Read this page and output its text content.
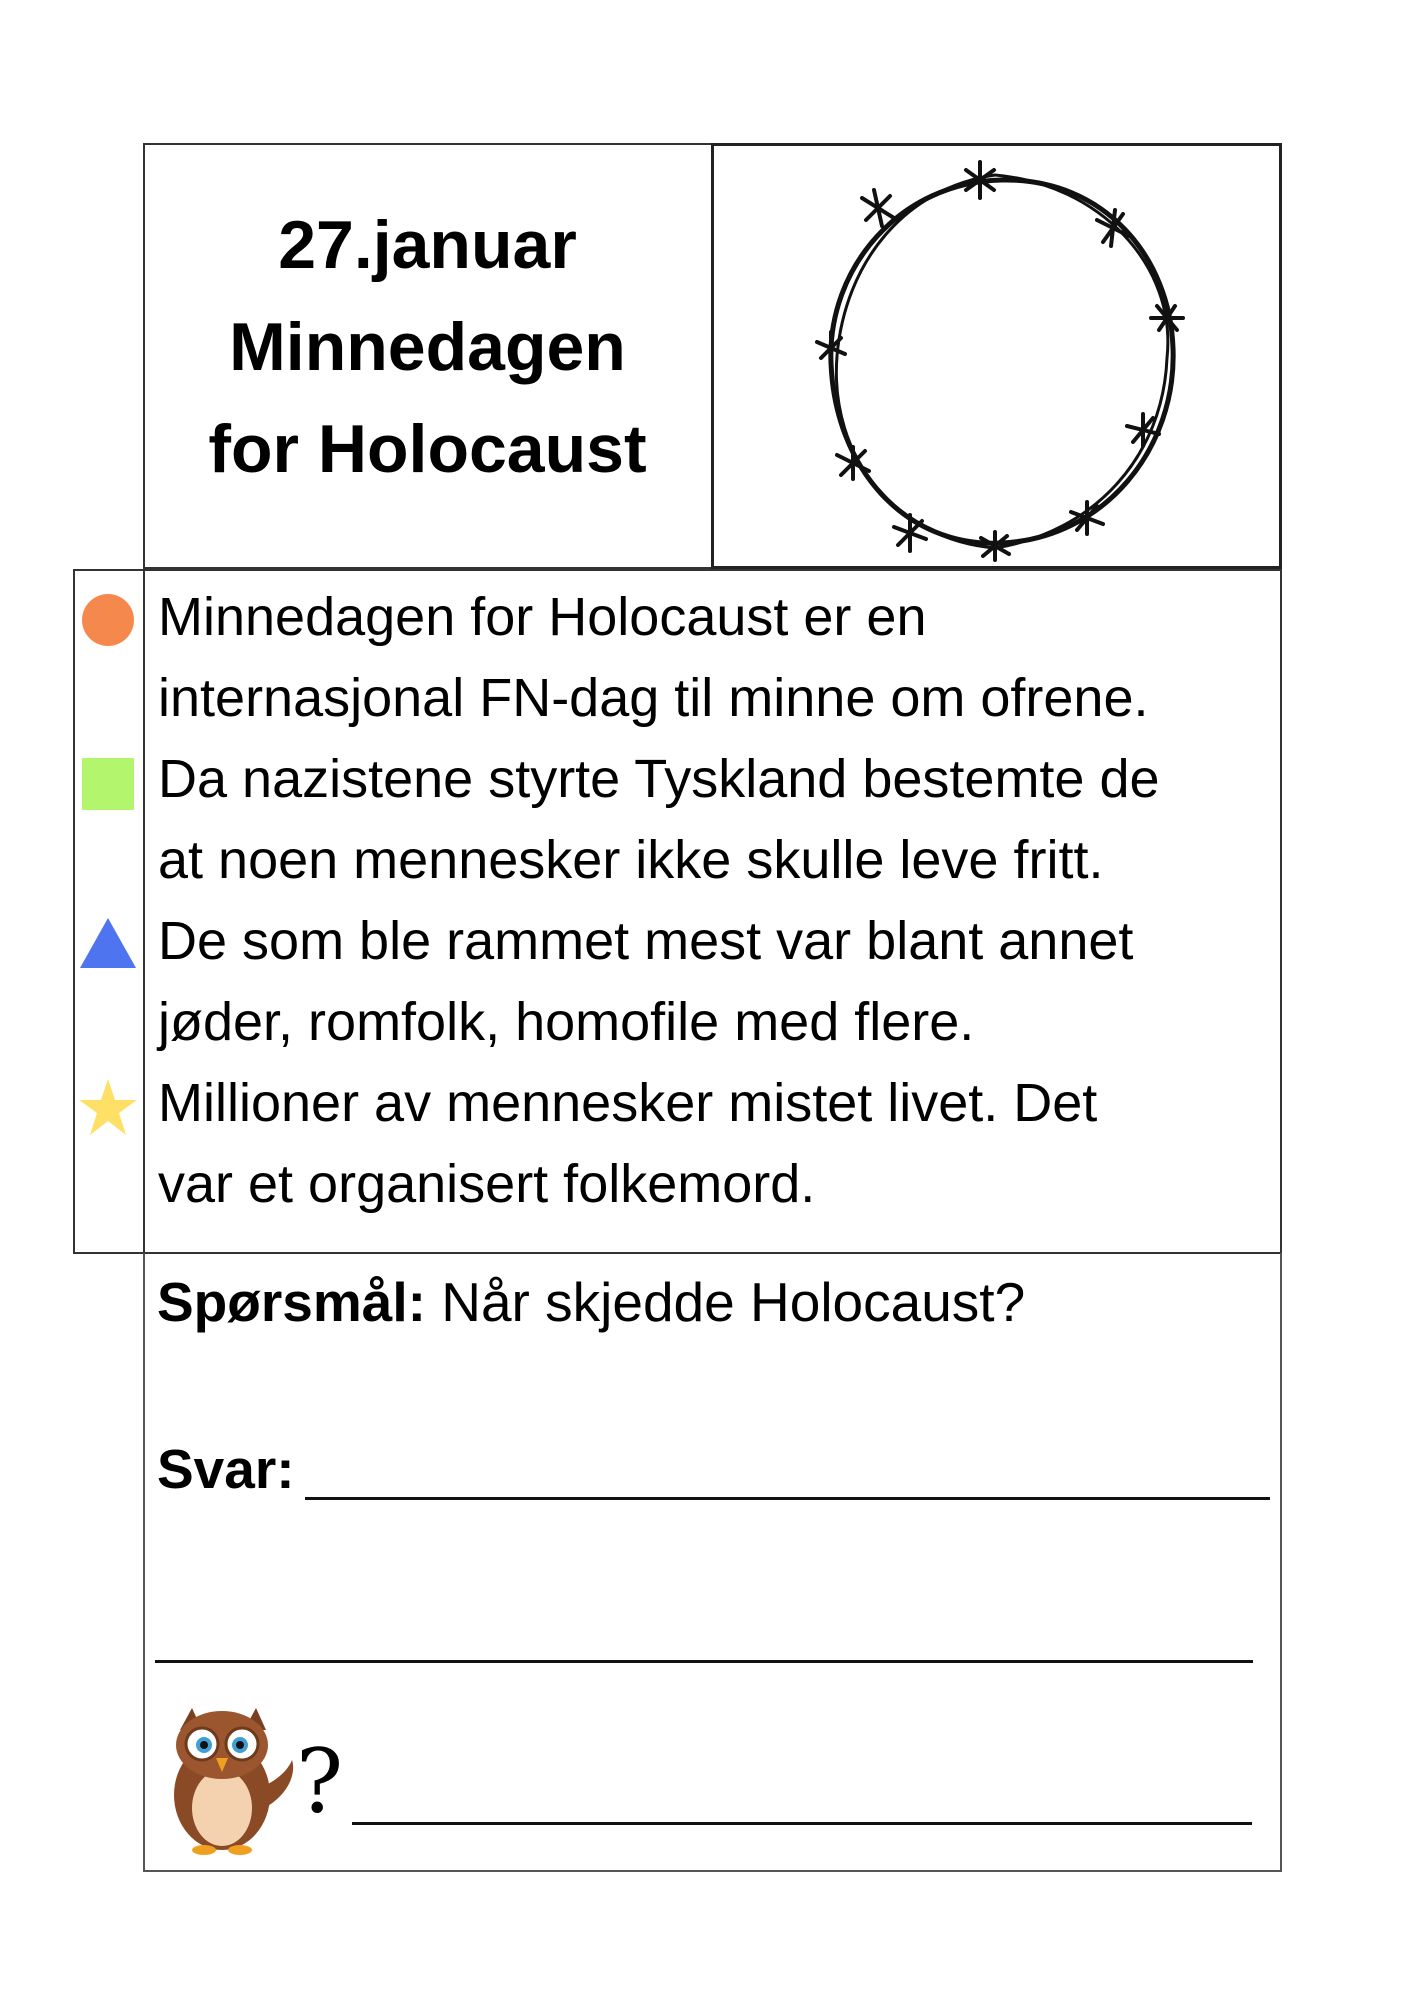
27.januar
Minnedagen
for Holocaust
Minnedagen for Holocaust er en
internasjonal FN-dag til minne om ofrene.
Da nazistene styrte Tyskland bestemte de
at noen mennesker ikke skulle leve fritt.
De som ble rammet mest var blant annet
jøder, romfolk, homofile med flere.
Millioner av mennesker mistet livet. Det
var et organisert folkemord.
Spørsmål: Når skjedde Holocaust?
Svar:
?
